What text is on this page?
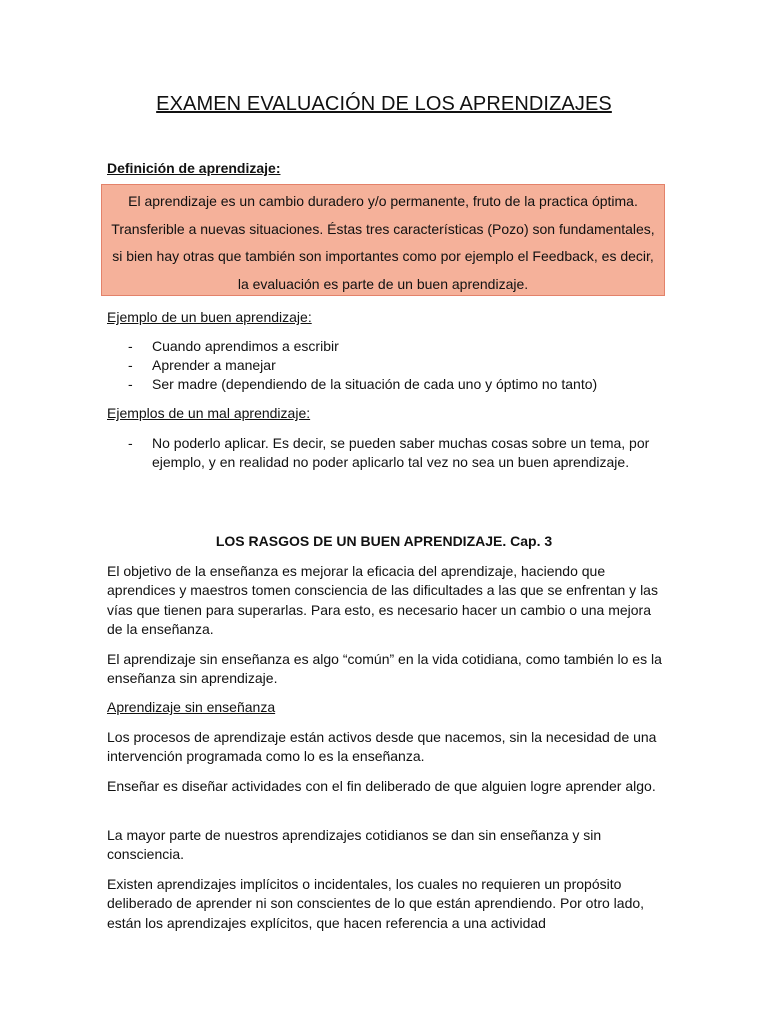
EXAMEN EVALUACIÓN DE LOS APRENDIZAJES

Definición de aprendizaje:

El aprendizaje es un cambio duradero y/o permanente, fruto de la practica óptima. Transferible a nuevas situaciones. Éstas tres características (Pozo) son fundamentales, si bien hay otras que también son importantes como por ejemplo el Feedback, es decir, la evaluación es parte de un buen aprendizaje.

Ejemplo de un buen aprendizaje:

- Cuando aprendimos a escribir
- Aprender a manejar
- Ser madre (dependiendo de la situación de cada uno y óptimo no tanto)

Ejemplos de un mal aprendizaje:

- No poderlo aplicar. Es decir, se pueden saber muchas cosas sobre un tema, por ejemplo, y en realidad no poder aplicarlo tal vez no sea un buen aprendizaje.

LOS RASGOS DE UN BUEN APRENDIZAJE. Cap. 3

El objetivo de la enseñanza es mejorar la eficacia del aprendizaje, haciendo que aprendices y maestros tomen consciencia de las dificultades a las que se enfrentan y las vías que tienen para superarlas. Para esto, es necesario hacer un cambio o una mejora de la enseñanza.

El aprendizaje sin enseñanza es algo “común” en la vida cotidiana, como también lo es la enseñanza sin aprendizaje.

Aprendizaje sin enseñanza

Los procesos de aprendizaje están activos desde que nacemos, sin la necesidad de una intervención programada como lo es la enseñanza.

Enseñar es diseñar actividades con el fin deliberado de que alguien logre aprender algo.

La mayor parte de nuestros aprendizajes cotidianos se dan sin enseñanza y sin consciencia.

Existen aprendizajes implícitos o incidentales, los cuales no requieren un propósito deliberado de aprender ni son conscientes de lo que están aprendiendo. Por otro lado, están los aprendizajes explícitos, que hacen referencia a una actividad
